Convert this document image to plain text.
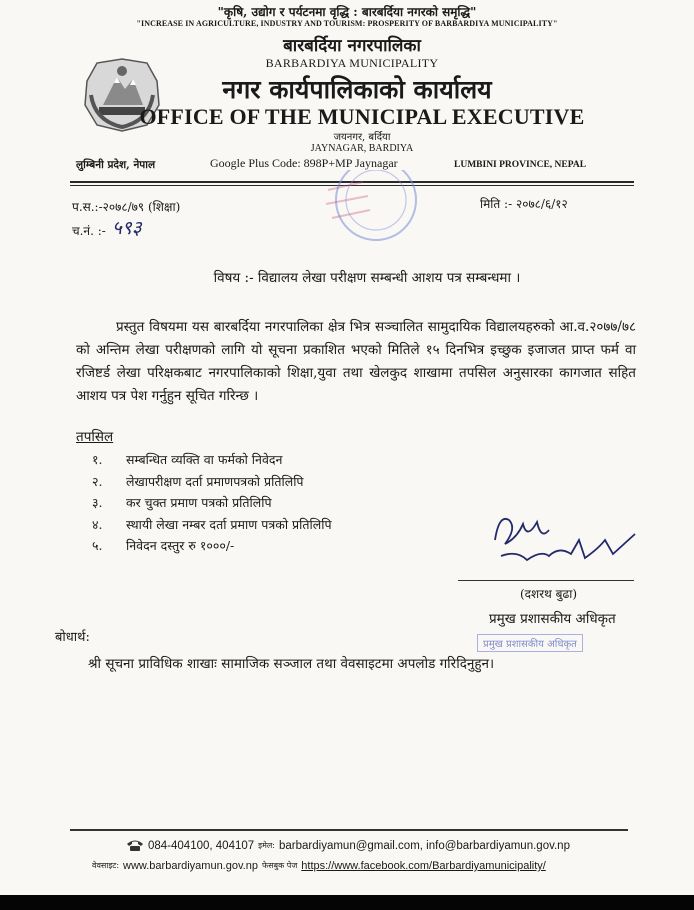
"कृषि, उद्योग र पर्यटनमा वृद्धि : बारबर्दिया नगरको समृद्धि"
"INCREASE IN AGRICULTURE, INDUSTRY AND TOURISM: PROSPERITY OF BARBARDIYA MUNICIPALITY"
बारबर्दिया नगरपालिका
BARBARDIYA MUNICIPALITY
नगर कार्यपालिकाको कार्यालय
OFFICE OF THE MUNICIPAL EXECUTIVE
जयनगर, बर्दिया
JAYNAGAR, BARDIYA
लुम्बिनी प्रदेश, नेपाल	Google Plus Code: 898P+MP Jaynagar	LUMBINI PROVINCE, NEPAL
प.स.:-२०७८/७९ (शिक्षा)	मिति :- २०७८/६/१२
च.नं. :- ५९३
विषय :- विद्यालय लेखा परीक्षण सम्बन्धी आशय पत्र सम्बन्धमा ।
प्रस्तुत विषयमा यस बारबर्दिया नगरपालिका क्षेत्र भित्र सञ्चालित सामुदायिक विद्यालयहरुको आ.व.२०७७/७८ को अन्तिम लेखा परीक्षणको लागि यो सूचना प्रकाशित भएको मितिले १५ दिनभित्र इच्छुक इजाजत प्राप्त फर्म वा रजिष्टर्ड लेखा परिक्षकबाट नगरपालिकाको शिक्षा,युवा तथा खेलकुद शाखामा तपसिल अनुसारका कागजात सहित आशय पत्र पेश गर्नुहुन सूचित गरिन्छ ।
तपसिल
१.	सम्बन्धित व्यक्ति वा फर्मको निवेदन
२.	लेखापरीक्षण दर्ता प्रमाणपत्रको प्रतिलिपि
३.	कर चुक्त प्रमाण पत्रको प्रतिलिपि
४.	स्थायी लेखा नम्बर दर्ता प्रमाण पत्रको प्रतिलिपि
५.	निवेदन दस्तुर रु १०००/-
(दशरथ बुढा)
प्रमुख प्रशासकीय अधिकृत
प्रमुख प्रशासकीय अधिकृत
बोधार्थ:
श्री सूचना प्राविधिक शाखाः सामाजिक सञ्जाल तथा वेवसाइटमा अपलोड गरिदिनुहुन।
084-404100, 404107 इमेल: barbardiyamun@gmail.com, info@barbardiyamun.gov.np
वेवसाइट: www.barbardiyamun.gov.np फेसबुक पेज https://www.facebook.com/Barbardiyamunicipality/
